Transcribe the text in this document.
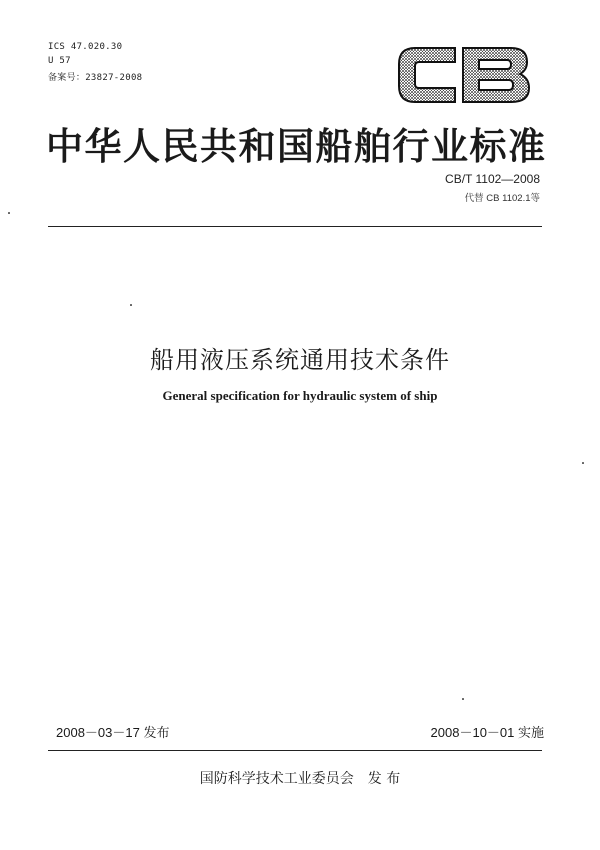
ICS 47.020.30
U 57
备案号：23827-2008
CB
中华人民共和国船舶行业标准
CB/T 1102—2008
代替 CB 1102.1等
船用液压系统通用技术条件
General specification for hydraulic system of ship
2008－03－17 发布	2008－10－01 实施
国防科学技术工业委员会　发 布
